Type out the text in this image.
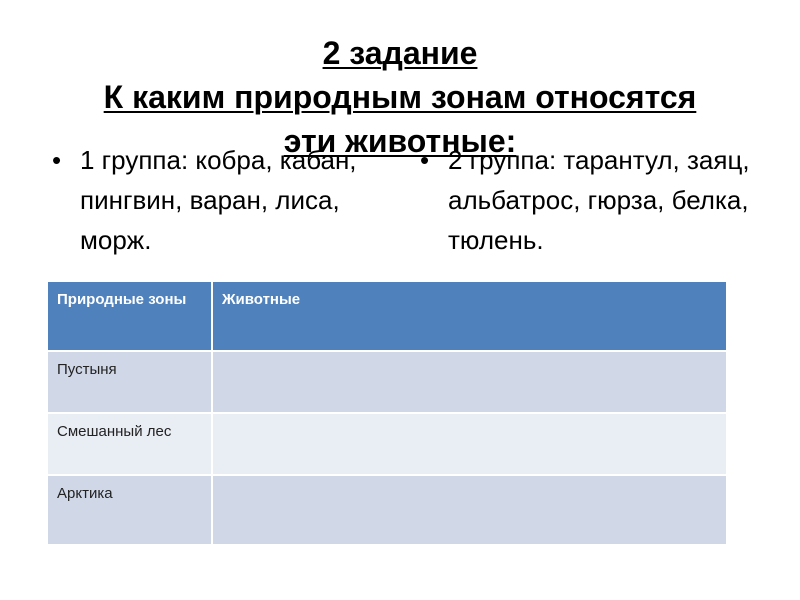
2 задание
К каким природным зонам относятся
эти животные:
• 1 группа: кобра, кабан, пингвин, варан, лиса, морж.
• 2 группа: тарантул, заяц, альбатрос, гюрза, белка, тюлень.
Природные зоны	Животные
Пустыня	
Смешанный лес	
Арктика	
